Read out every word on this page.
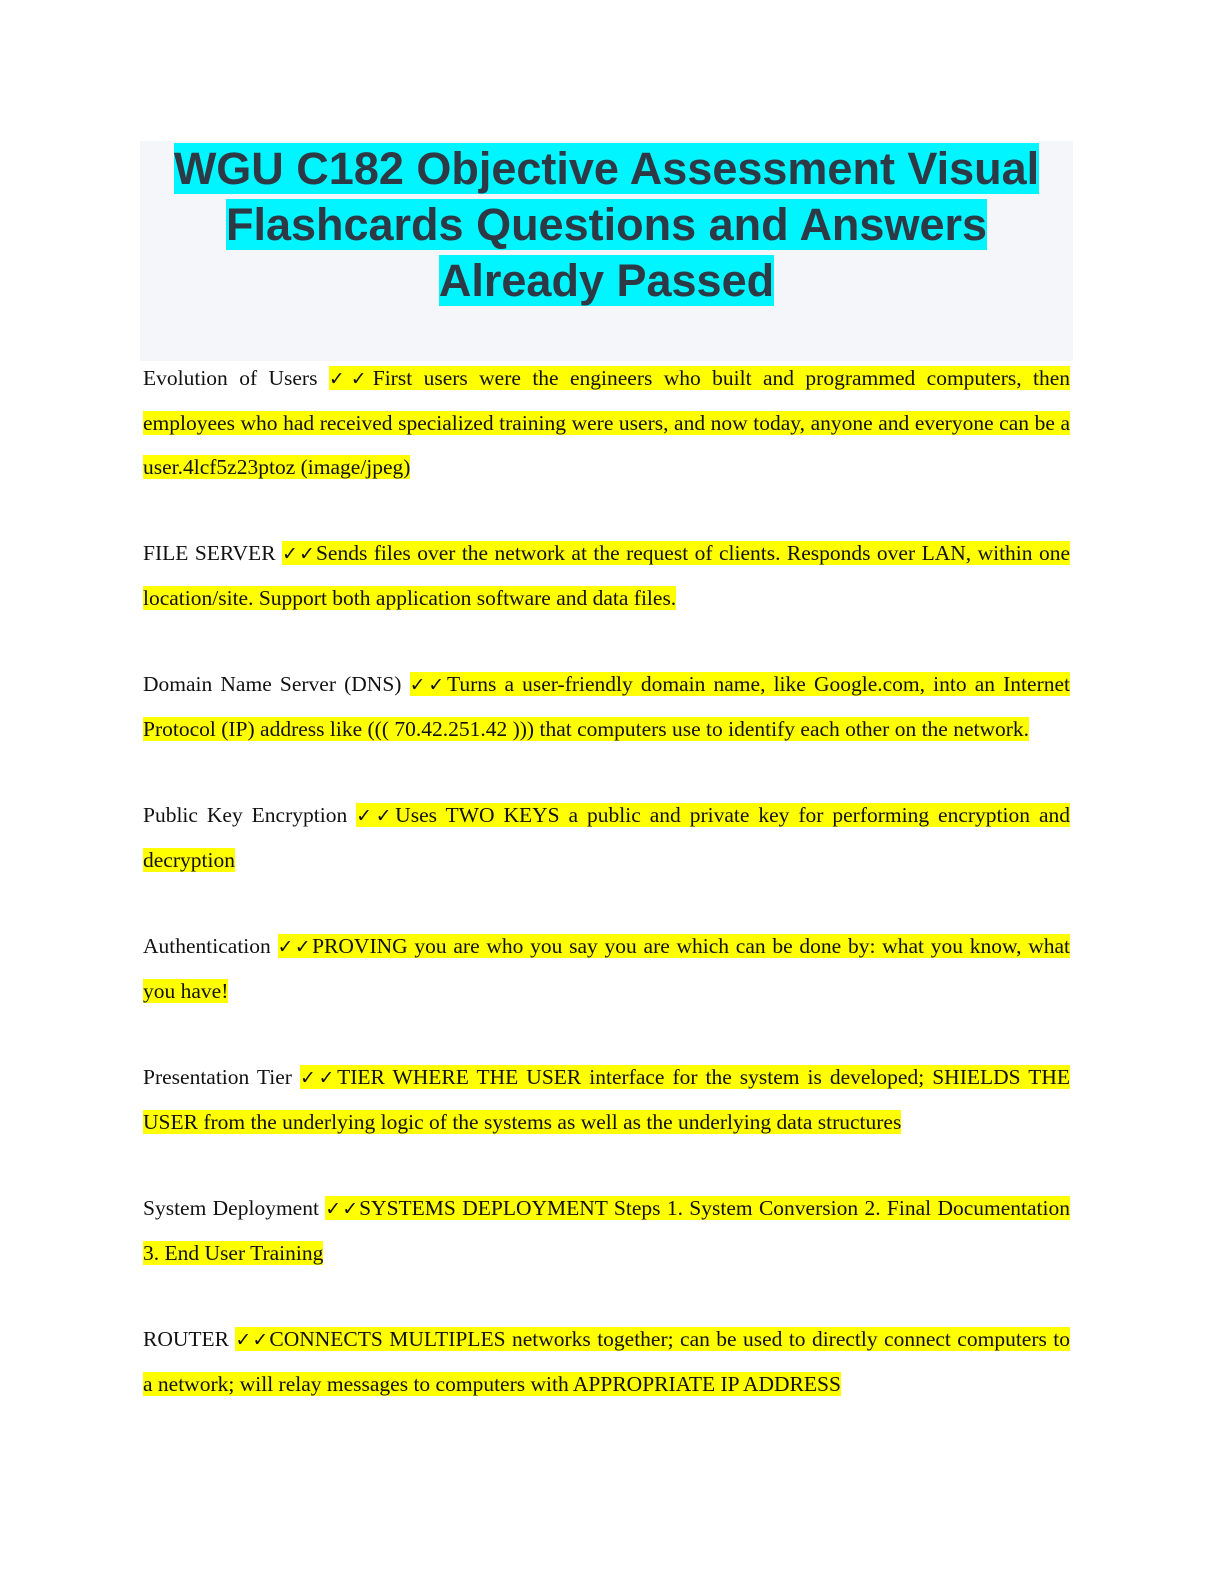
WGU C182 Objective Assessment Visual
Flashcards Questions and Answers
Already Passed

Evolution of Users ✓✓First users were the engineers who built and programmed computers, then employees who had received specialized training were users, and now today, anyone and everyone can be a user.4lcf5z23ptoz (image/jpeg)

FILE SERVER ✓✓Sends files over the network at the request of clients. Responds over LAN, within one location/site. Support both application software and data files.

Domain Name Server (DNS) ✓✓Turns a user-friendly domain name, like Google.com, into an Internet Protocol (IP) address like ((( 70.42.251.42 ))) that computers use to identify each other on the network.

Public Key Encryption ✓✓Uses TWO KEYS a public and private key for performing encryption and decryption

Authentication ✓✓PROVING you are who you say you are which can be done by: what you know, what you have!

Presentation Tier ✓✓TIER WHERE THE USER interface for the system is developed; SHIELDS THE USER from the underlying logic of the systems as well as the underlying data structures

System Deployment ✓✓SYSTEMS DEPLOYMENT Steps 1. System Conversion 2. Final Documentation 3. End User Training

ROUTER ✓✓CONNECTS MULTIPLES networks together; can be used to directly connect computers to a network; will relay messages to computers with APPROPRIATE IP ADDRESS
